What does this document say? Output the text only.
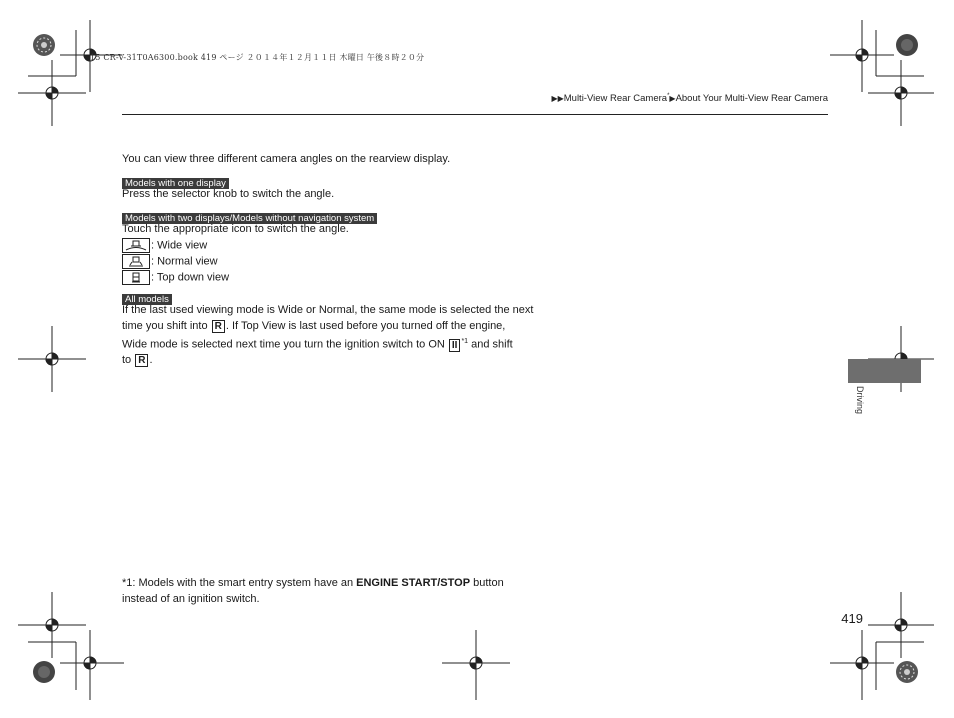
15 CR-V-31T0A6300.book 419 ページ ２０１４年１２月１１日 木曜日 午後８時２０分
▶▶Multi-View Rear Camera*▶About Your Multi-View Rear Camera
You can view three different camera angles on the rearview display.
Models with one display
Press the selector knob to switch the angle.
Models with two displays/Models without navigation system
Touch the appropriate icon to switch the angle.
: Wide view
: Normal view
: Top down view
All models
If the last used viewing mode is Wide or Normal, the same mode is selected the next
time you shift into R . If Top View is last used before you turned off the engine,
Wide mode is selected next time you turn the ignition switch to ON II $^{*1}$ and shift
to R .
*1: Models with the smart entry system have an ENGINE START/STOP button
instead of an ignition switch.
419
Driving
